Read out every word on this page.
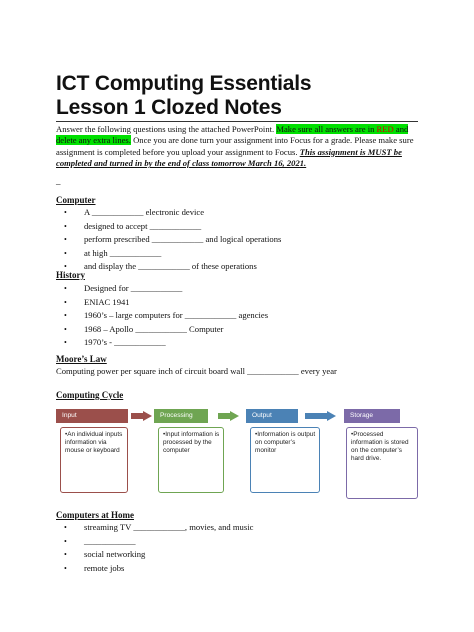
ICT Computing Essentials
Lesson 1 Clozed Notes
Answer the following questions using the attached PowerPoint. Make sure all answers are in RED and delete any extra lines. Once you are done turn your assignment into Focus for a grade. Please make sure assignment is completed before you upload your assignment to Focus. This assignment is MUST be completed and turned in by the end of class tomorrow March 16, 2021.
–
Computer
• A ____________ electronic device
• designed to accept ____________
• perform prescribed ____________ and logical operations
• at high ____________
• and display the ____________ of these operations
History
• Designed for ____________
• ENIAC 1941
• 1960’s – large computers for ____________ agencies
• 1968 – Apollo ____________ Computer
• 1970’s - ____________
Moore’s Law
Computing power per square inch of circuit board wall ____________ every year
Computing Cycle
Input
•An individual inputs information via mouse or keyboard
Processing
•Input information is processed by the computer
Output
•Information is output on computer’s monitor
Storage
•Processed information is stored on the computer’s hard drive.
Computers at Home
• streaming TV ____________, movies, and music
• ____________
• social networking
• remote jobs
